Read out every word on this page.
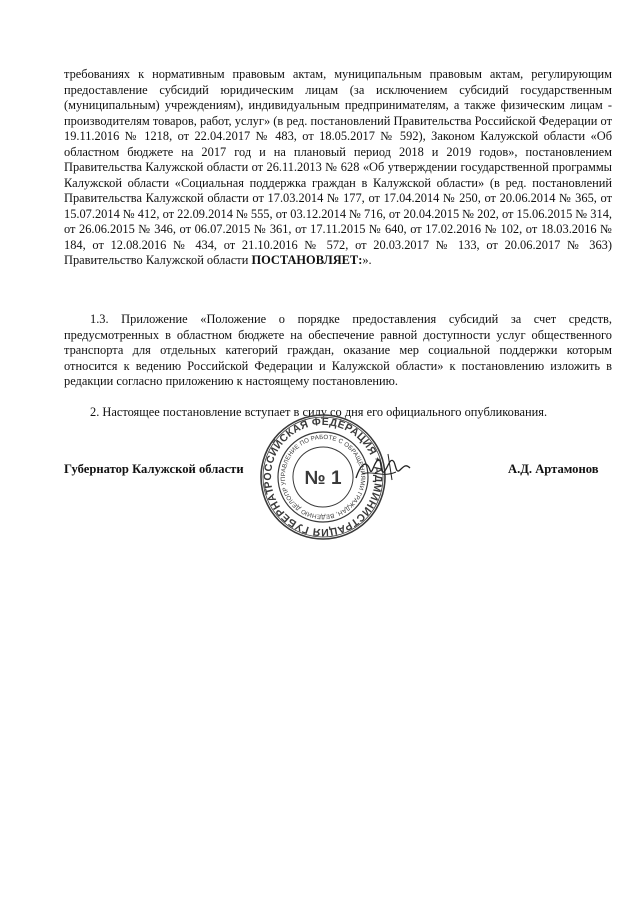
требованиях к нормативным правовым актам, муниципальным правовым актам, регулирующим предоставление субсидий юридическим лицам (за исключением субсидий государственным (муниципальным) учреждениям), индивидуальным предпринимателям, а также физическим лицам - производителям товаров, работ, услуг» (в ред. постановлений Правительства Российской Федерации от 19.11.2016 № 1218, от 22.04.2017 № 483, от 18.05.2017 № 592), Законом Калужской области «Об областном бюджете на 2017 год и на плановый период 2018 и 2019 годов», постановлением Правительства Калужской области от 26.11.2013 № 628 «Об утверждении государственной программы Калужской области «Социальная поддержка граждан в Калужской области» (в ред. постановлений Правительства Калужской области от 17.03.2014 № 177, от 17.04.2014 № 250, от 20.06.2014 № 365, от 15.07.2014 № 412, от 22.09.2014 № 555, от 03.12.2014 № 716, от 20.04.2015 № 202, от 15.06.2015 № 314, от 26.06.2015 № 346, от 06.07.2015 № 361, от 17.11.2015 № 640, от 17.02.2016 № 102, от 18.03.2016 № 184, от 12.08.2016 № 434, от 21.10.2016 № 572, от 20.03.2017 № 133, от 20.06.2017 № 363) Правительство Калужской области ПОСТАНОВЛЯЕТ:».
1.3. Приложение «Положение о порядке предоставления субсидий за счет средств, предусмотренных в областном бюджете на обеспечение равной доступности услуг общественного транспорта для отдельных категорий граждан, оказание мер социальной поддержки которым относится к ведению Российской Федерации и Калужской области» к постановлению изложить в редакции согласно приложению к настоящему постановлению.
2. Настоящее постановление вступает в силу со дня его официального опубликования.
РОССИЙСКАЯ ФЕДЕРАЦИЯ * АДМИНИСТРАЦИЯ ГУБЕРНАТОРА
УПРАВЛЕНИЕ ПО РАБОТЕ С ОБРАЩЕНИЯМИ ГРАЖДАН, ВЕДЕНИЮ ДЕЛОПРОИЗВОДСТВА
№ 1
Губернатор Калужской области	А.Д. Артамонов
